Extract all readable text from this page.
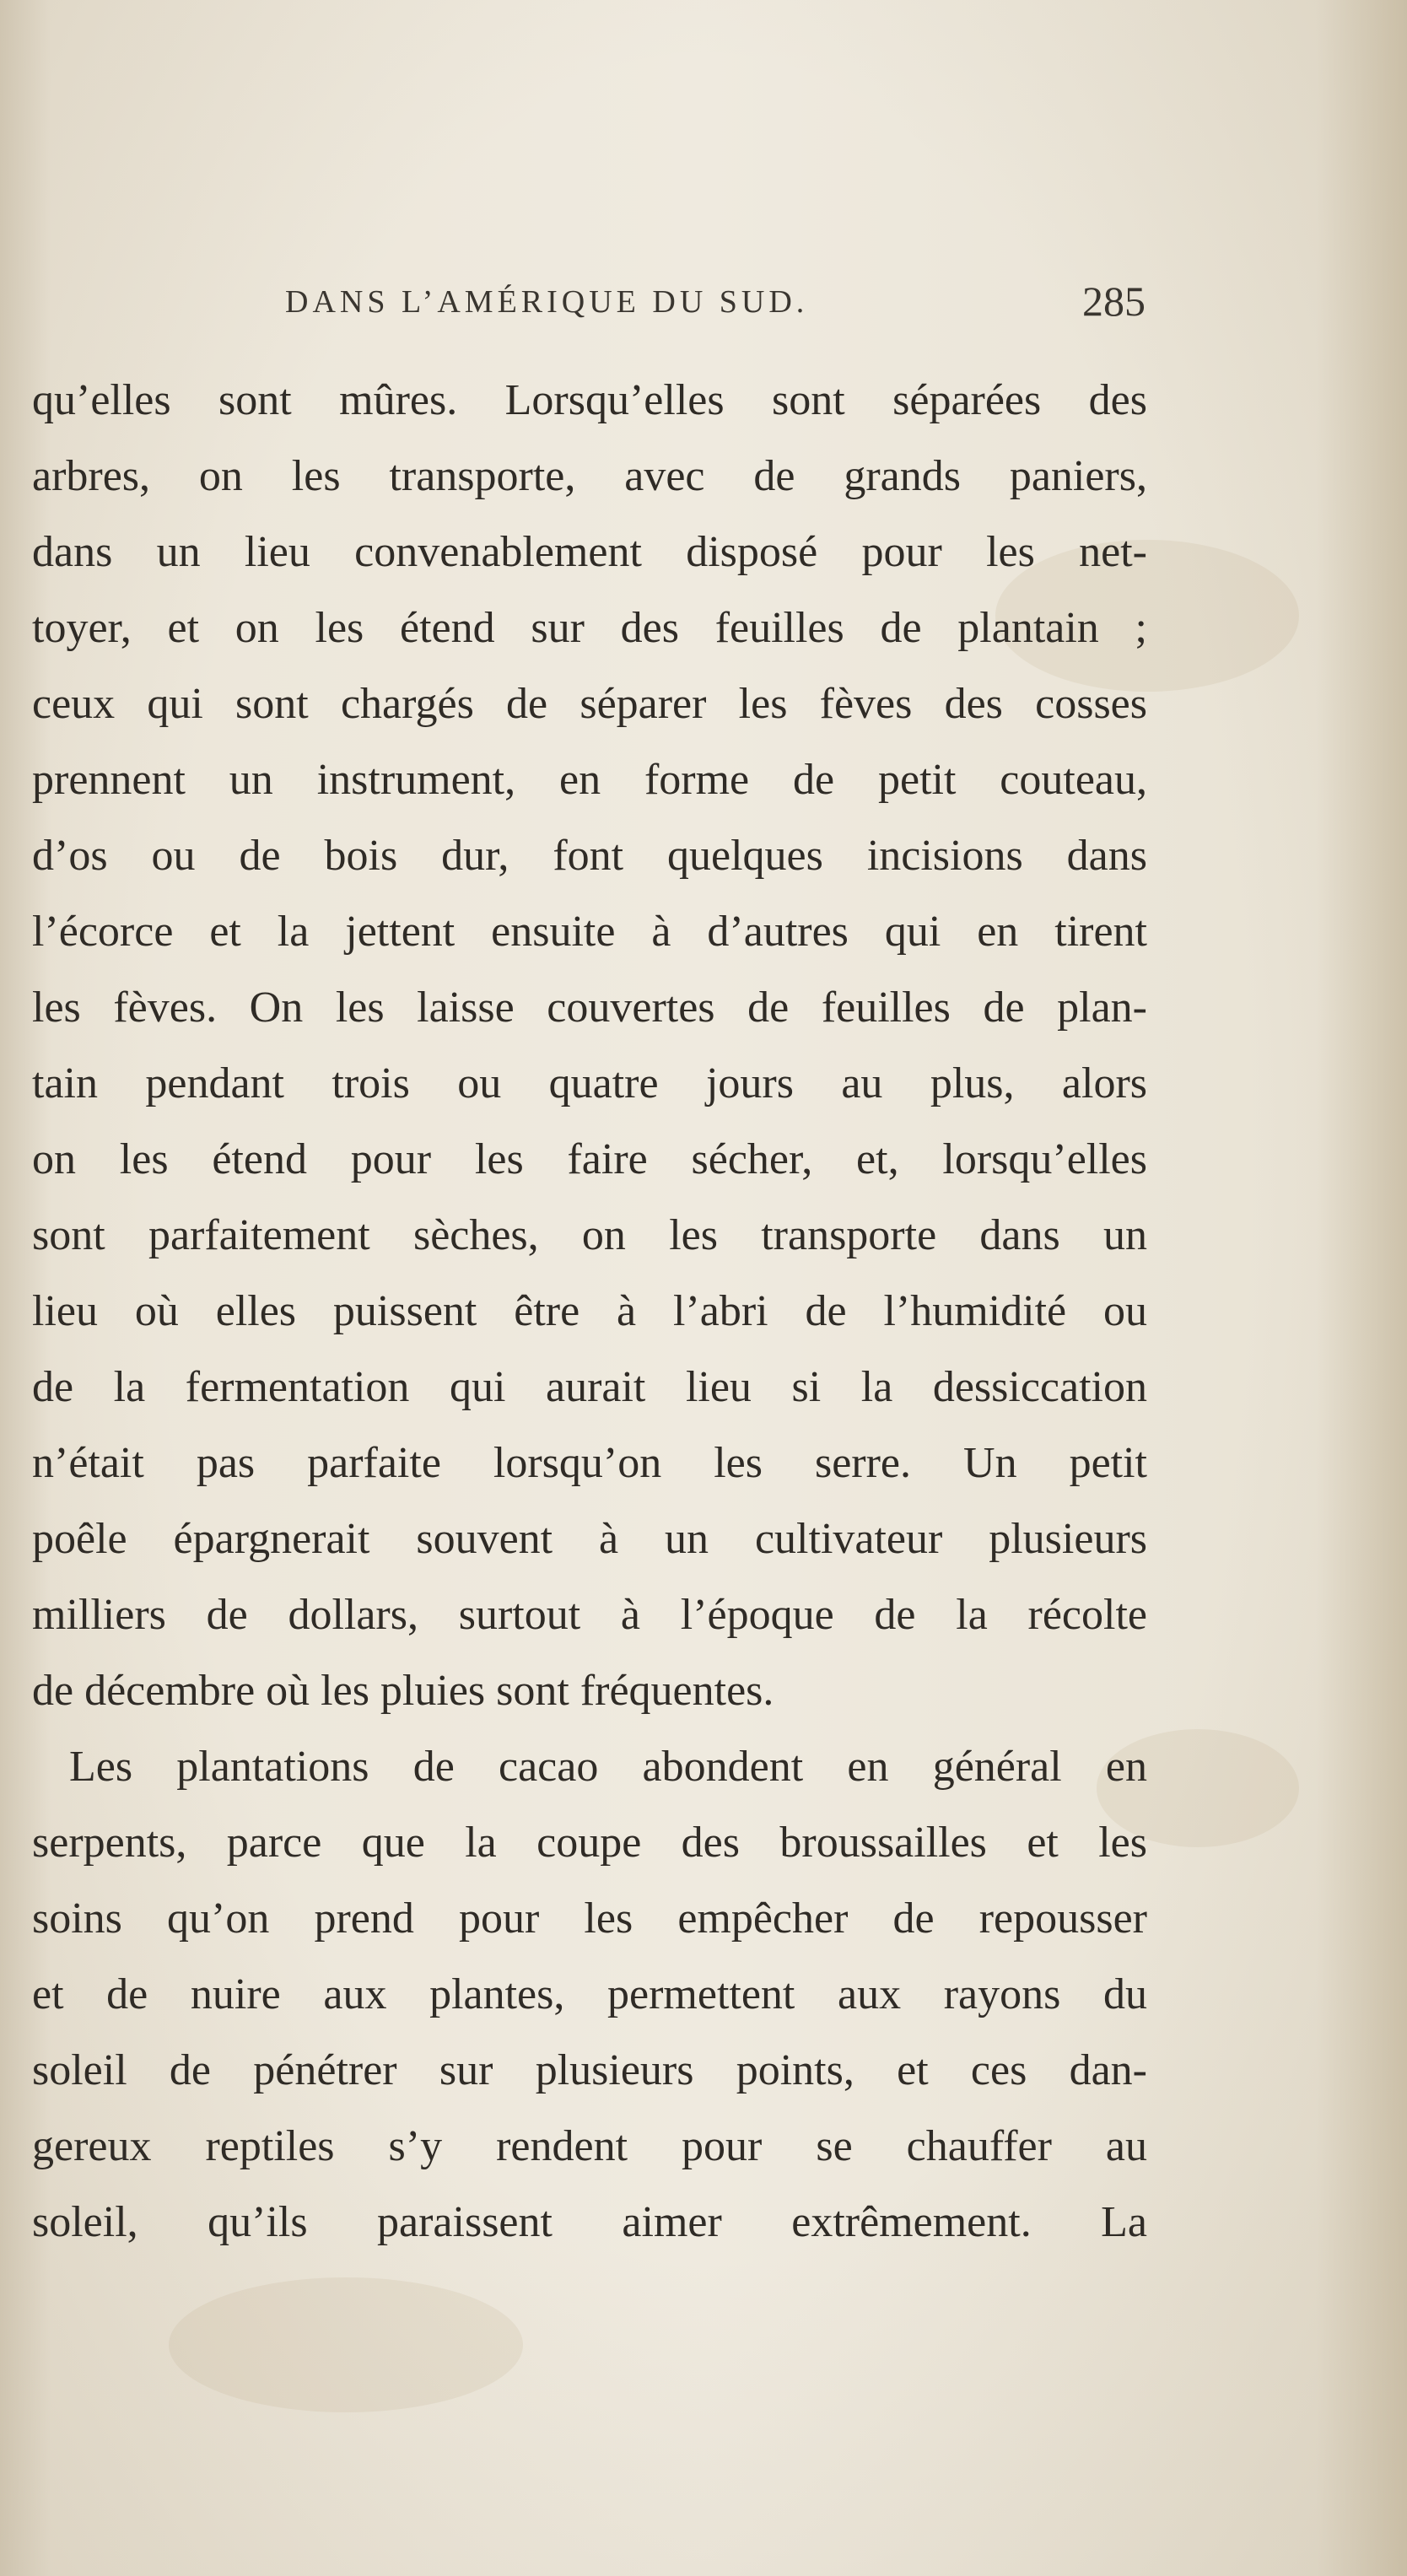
DANS L’AMÉRIQUE DU SUD.	285
qu’elles sont mûres. Lorsqu’elles sont séparées des
arbres, on les transporte, avec de grands paniers,
dans un lieu convenablement disposé pour les net-
toyer, et on les étend sur des feuilles de plantain ;
ceux qui sont chargés de séparer les fèves des cosses
prennent un instrument, en forme de petit couteau,
d’os ou de bois dur, font quelques incisions dans
l’écorce et la jettent ensuite à d’autres qui en tirent
les fèves. On les laisse couvertes de feuilles de plan-
tain pendant trois ou quatre jours au plus, alors
on les étend pour les faire sécher, et, lorsqu’elles
sont parfaitement sèches, on les transporte dans un
lieu où elles puissent être à l’abri de l’humidité ou
de la fermentation qui aurait lieu si la dessiccation
n’était pas parfaite lorsqu’on les serre. Un petit
poêle épargnerait souvent à un cultivateur plusieurs
milliers de dollars, surtout à l’époque de la récolte
de décembre où les pluies sont fréquentes.
Les plantations de cacao abondent en général en
serpents, parce que la coupe des broussailles et les
soins qu’on prend pour les empêcher de repousser
et de nuire aux plantes, permettent aux rayons du
soleil de pénétrer sur plusieurs points, et ces dan-
gereux reptiles s’y rendent pour se chauffer au
soleil, qu’ils paraissent aimer extrêmement. La
